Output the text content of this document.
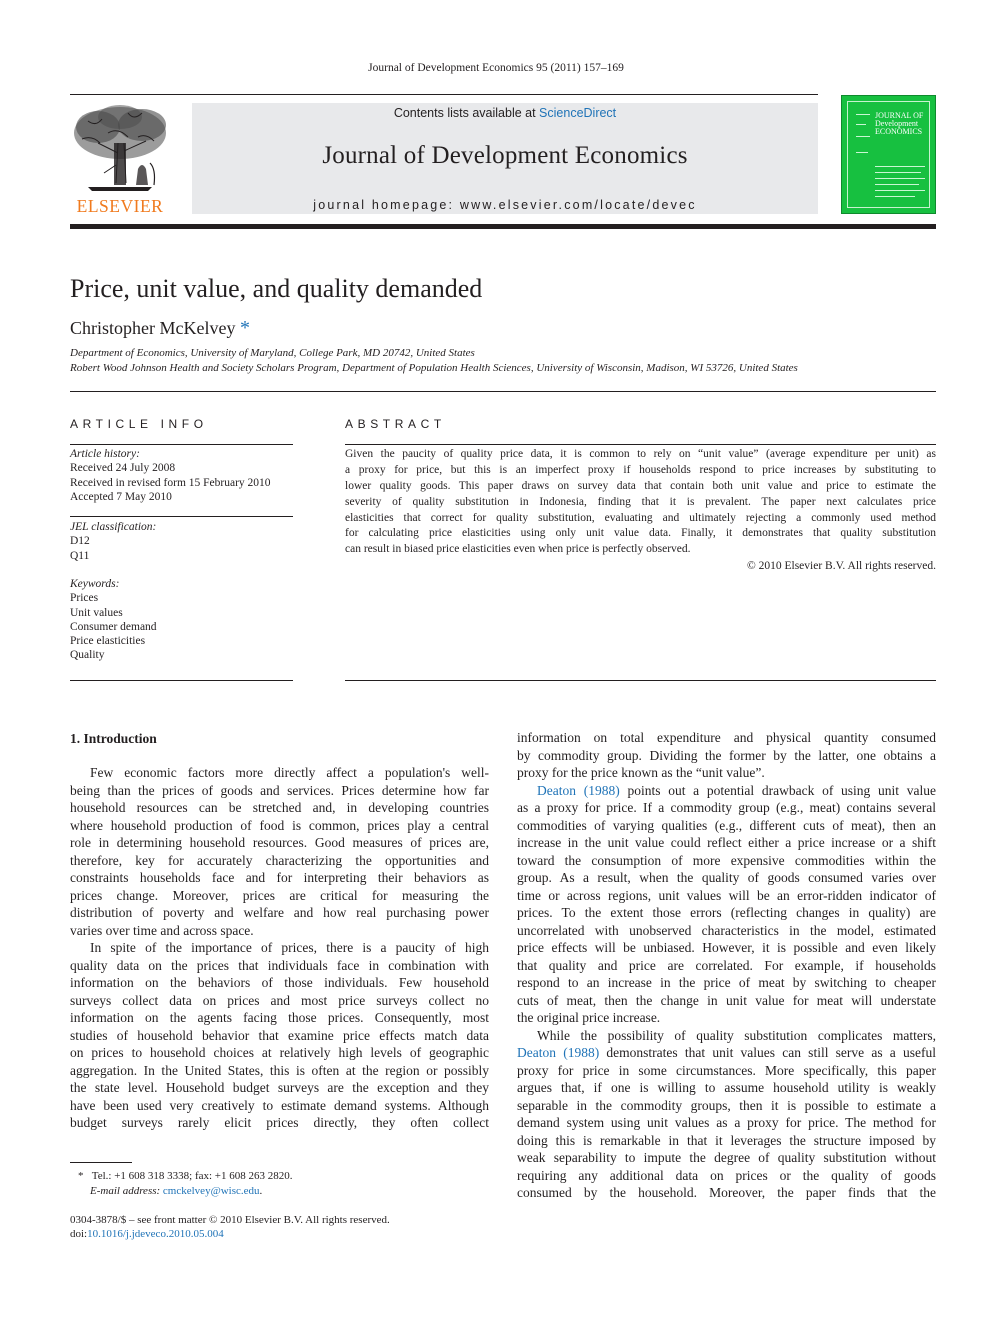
Journal of Development Economics 95 (2011) 157–169
ELSEVIER
Contents lists available at ScienceDirect
Journal of Development Economics
journal homepage: www.elsevier.com/locate/devec
JOURNAL OF Development ECONOMICS
Price, unit value, and quality demanded
Christopher McKelvey *
Department of Economics, University of Maryland, College Park, MD 20742, United States
Robert Wood Johnson Health and Society Scholars Program, Department of Population Health Sciences, University of Wisconsin, Madison, WI 53726, United States
ARTICLE INFO
Article history:
Received 24 July 2008
Received in revised form 15 February 2010
Accepted 7 May 2010
JEL classification:
D12
Q11
Keywords:
Prices
Unit values
Consumer demand
Price elasticities
Quality
ABSTRACT
Given the paucity of quality price data, it is common to rely on “unit value” (average expenditure per unit) as
a proxy for price, but this is an imperfect proxy if households respond to price increases by substituting to
lower quality goods. This paper draws on survey data that contain both unit value and price to estimate the
severity of quality substitution in Indonesia, finding that it is prevalent. The paper next calculates price
elasticities that correct for quality substitution, evaluating and ultimately rejecting a commonly used method
for calculating price elasticities using only unit value data. Finally, it demonstrates that quality substitution
can result in biased price elasticities even when price is perfectly observed.
© 2010 Elsevier B.V. All rights reserved.
1. Introduction
Few economic factors more directly affect a population's well-
being than the prices of goods and services. Prices determine how far
household resources can be stretched and, in developing countries
where household production of food is common, prices play a central
role in determining household resources. Good measures of prices are,
therefore, key for accurately characterizing the opportunities and
constraints households face and for interpreting their behaviors as
prices change. Moreover, prices are critical for measuring the
distribution of poverty and welfare and how real purchasing power
varies over time and across space.
In spite of the importance of prices, there is a paucity of high
quality data on the prices that individuals face in combination with
information on the behaviors of those individuals. Few household
surveys collect data on prices and most price surveys collect no
information on the agents facing those prices. Consequently, most
studies of household behavior that examine price effects match data
on prices to household choices at relatively high levels of geographic
aggregation. In the United States, this is often at the region or possibly
the state level. Household budget surveys are the exception and they
have been used very creatively to estimate demand systems. Although
budget surveys rarely elicit prices directly, they often collect
information on total expenditure and physical quantity consumed
by commodity group. Dividing the former by the latter, one obtains a
proxy for the price known as the “unit value”.
Deaton (1988) points out a potential drawback of using unit value
as a proxy for price. If a commodity group (e.g., meat) contains several
commodities of varying qualities (e.g., different cuts of meat), then an
increase in the unit value could reflect either a price increase or a shift
toward the consumption of more expensive commodities within the
group. As a result, when the quality of goods consumed varies over
time or across regions, unit values will be an error-ridden indicator of
prices. To the extent those errors (reflecting changes in quality) are
uncorrelated with unobserved characteristics in the model, estimated
price effects will be unbiased. However, it is possible and even likely
that quality and price are correlated. For example, if households
respond to an increase in the price of meat by switching to cheaper
cuts of meat, then the change in unit value for meat will understate
the original price increase.
While the possibility of quality substitution complicates matters,
Deaton (1988) demonstrates that unit values can still serve as a useful
proxy for price in some circumstances. More specifically, this paper
argues that, if one is willing to assume household utility is weakly
separable in the commodity groups, then it is possible to estimate a
demand system using unit values as a proxy for price. The method for
doing this is remarkable in that it leverages the structure imposed by
weak separability to impute the degree of quality substitution without
requiring any additional data on prices or the quality of goods
consumed by the household. Moreover, the paper finds that the
* Tel.: +1 608 318 3338; fax: +1 608 263 2820.
E-mail address: cmckelvey@wisc.edu.
0304-3878/$ – see front matter © 2010 Elsevier B.V. All rights reserved.
doi:10.1016/j.jdeveco.2010.05.004
